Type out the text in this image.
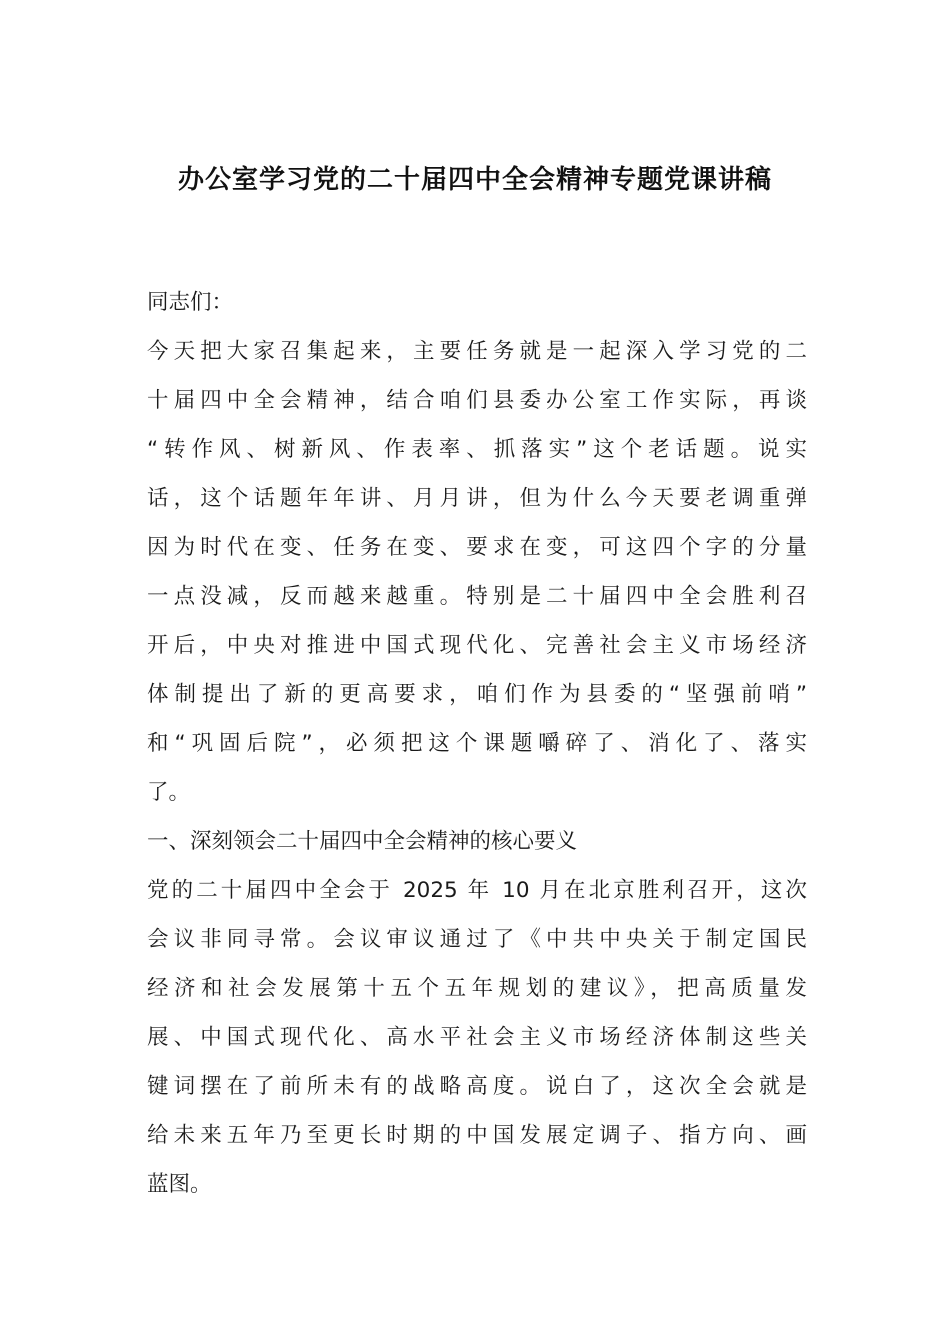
办公室学习党的二十届四中全会精神专题党课讲稿
同志们：
今天把大家召集起来，主要任务就是一起深入学习党的二
十届四中全会精神，结合咱们县委办公室工作实际，再谈
“转作风、树新风、作表率、抓落实”这个老话题。说实
话，这个话题年年讲、月月讲，但为什么今天要老调重弹
因为时代在变、任务在变、要求在变，可这四个字的分量
一点没减，反而越来越重。特别是二十届四中全会胜利召
开后，中央对推进中国式现代化、完善社会主义市场经济
体制提出了新的更高要求，咱们作为县委的“坚强前哨”
和“巩固后院”，必须把这个课题嚼碎了、消化了、落实
了。
一、深刻领会二十届四中全会精神的核心要义
党的二十届四中全会于 2025 年 10 月在北京胜利召开，这次
会议非同寻常。会议审议通过了《中共中央关于制定国民
经济和社会发展第十五个五年规划的建议》，把高质量发
展、中国式现代化、高水平社会主义市场经济体制这些关
键词摆在了前所未有的战略高度。说白了，这次全会就是
给未来五年乃至更长时期的中国发展定调子、指方向、画
蓝图。
